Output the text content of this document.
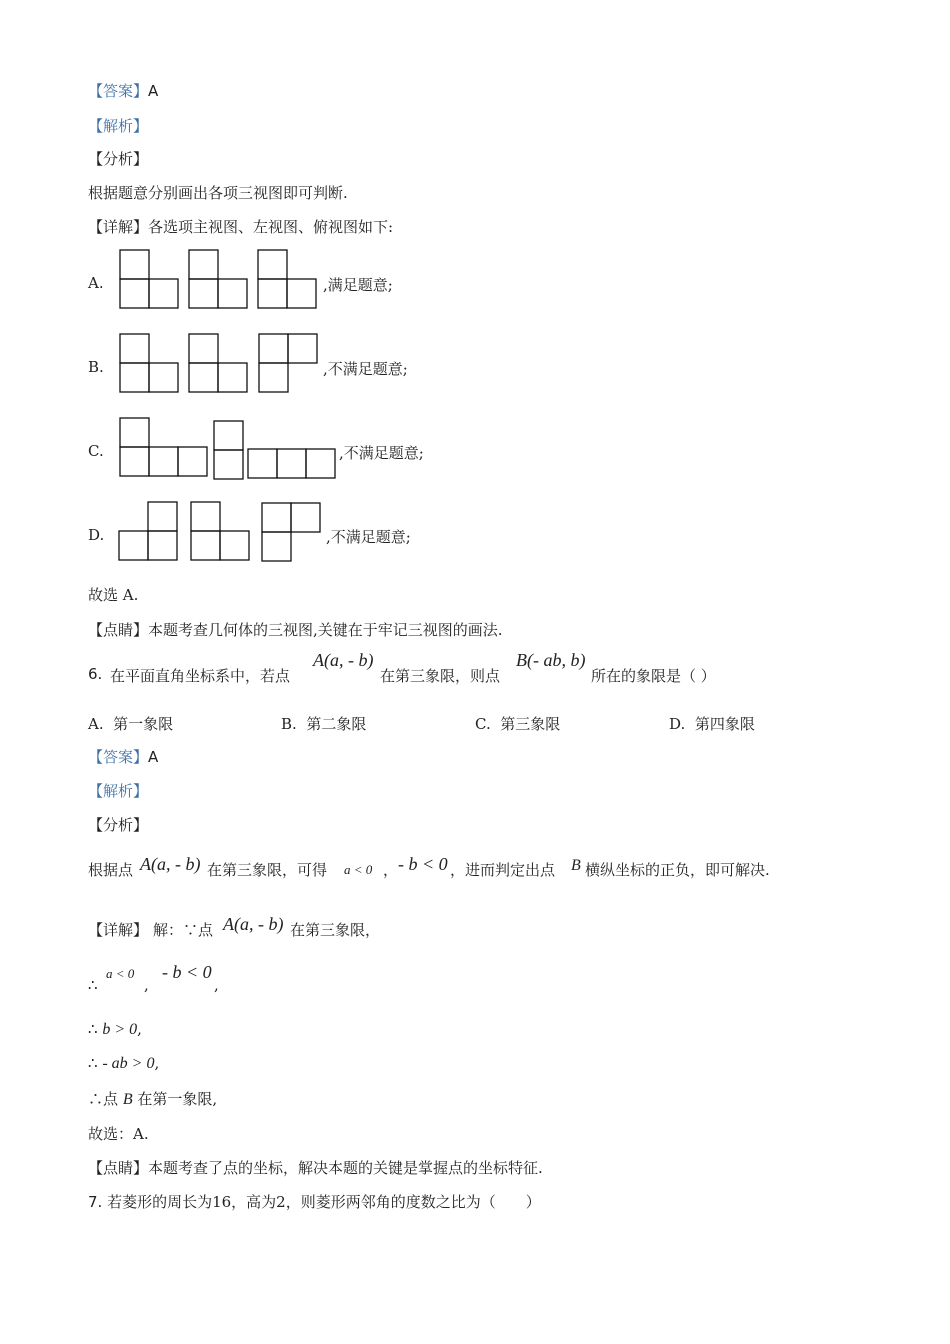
【答案】A
【解析】
【分析】
根据题意分别画出各项三视图即可判断.
【详解】各选项主视图、左视图、俯视图如下:
A.	,满足题意;
B.	,不满足题意;
C.	,不满足题意;
D.	,不满足题意;
故选 A.
【点睛】本题考查几何体的三视图,关键在于牢记三视图的画法.
6. 在平面直角坐标系中，若点
A(a, - b)
在第三象限，则点
B(- ab, b)
所在的象限是（ ）
A. 第一象限	B. 第二象限	C. 第三象限	D. 第四象限
【答案】A
【解析】
【分析】
根据点 A(a, - b) 在第三象限，可得 a < 0 ， - b < 0 ，进而判定出点 B 横纵坐标的正负，即可解决.
【详解】 解：∵点 A(a, - b) 在第三象限，
∴
a < 0
,
- b < 0
,
∴ b > 0,
∴ - ab > 0,
∴点 B 在第一象限,
故选：A.
【点睛】本题考查了点的坐标，解决本题的关键是掌握点的坐标特征.
7. 若菱形的周长为16，高为2，则菱形两邻角的度数之比为（　　）
